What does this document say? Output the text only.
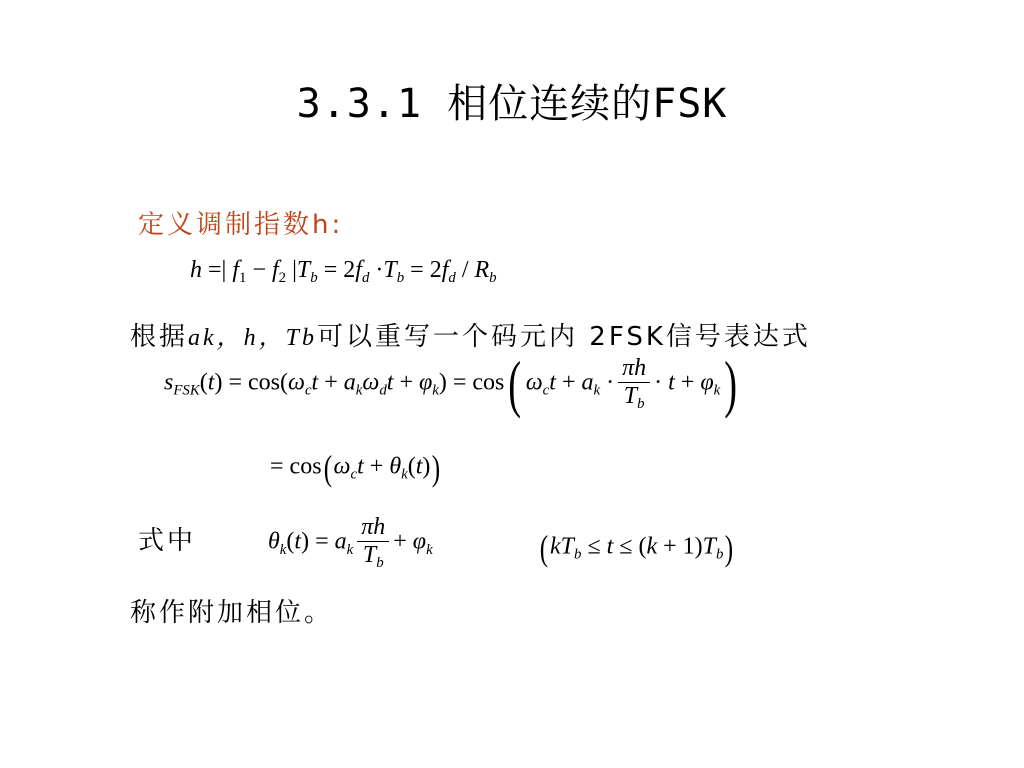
3.3.1 相位连续的FSK
定义调制指数h:
h =| $f_1 - f_2$ $|T_b = 2f_d \cdot T_b = 2f_d / R_b$
根据ak，h，Tb可以重写一个码元内 2FSK信号表达式
$s_{FSK}(t) = \cos(\omega_ct + a_k\omega_dt + \varphi_k) = \cos$( $\omega_ct + a_k \cdot \frac{\pi h}{T_b} \cdot t + \varphi_k$)
= $\cos(\omega_ct + \theta_k(t))$
式中	$\theta_k(t) = a_k \frac{\pi h}{T_b} + \varphi_k$	$(kT_b \le t \le (k + 1)T_b)$
称作附加相位。
